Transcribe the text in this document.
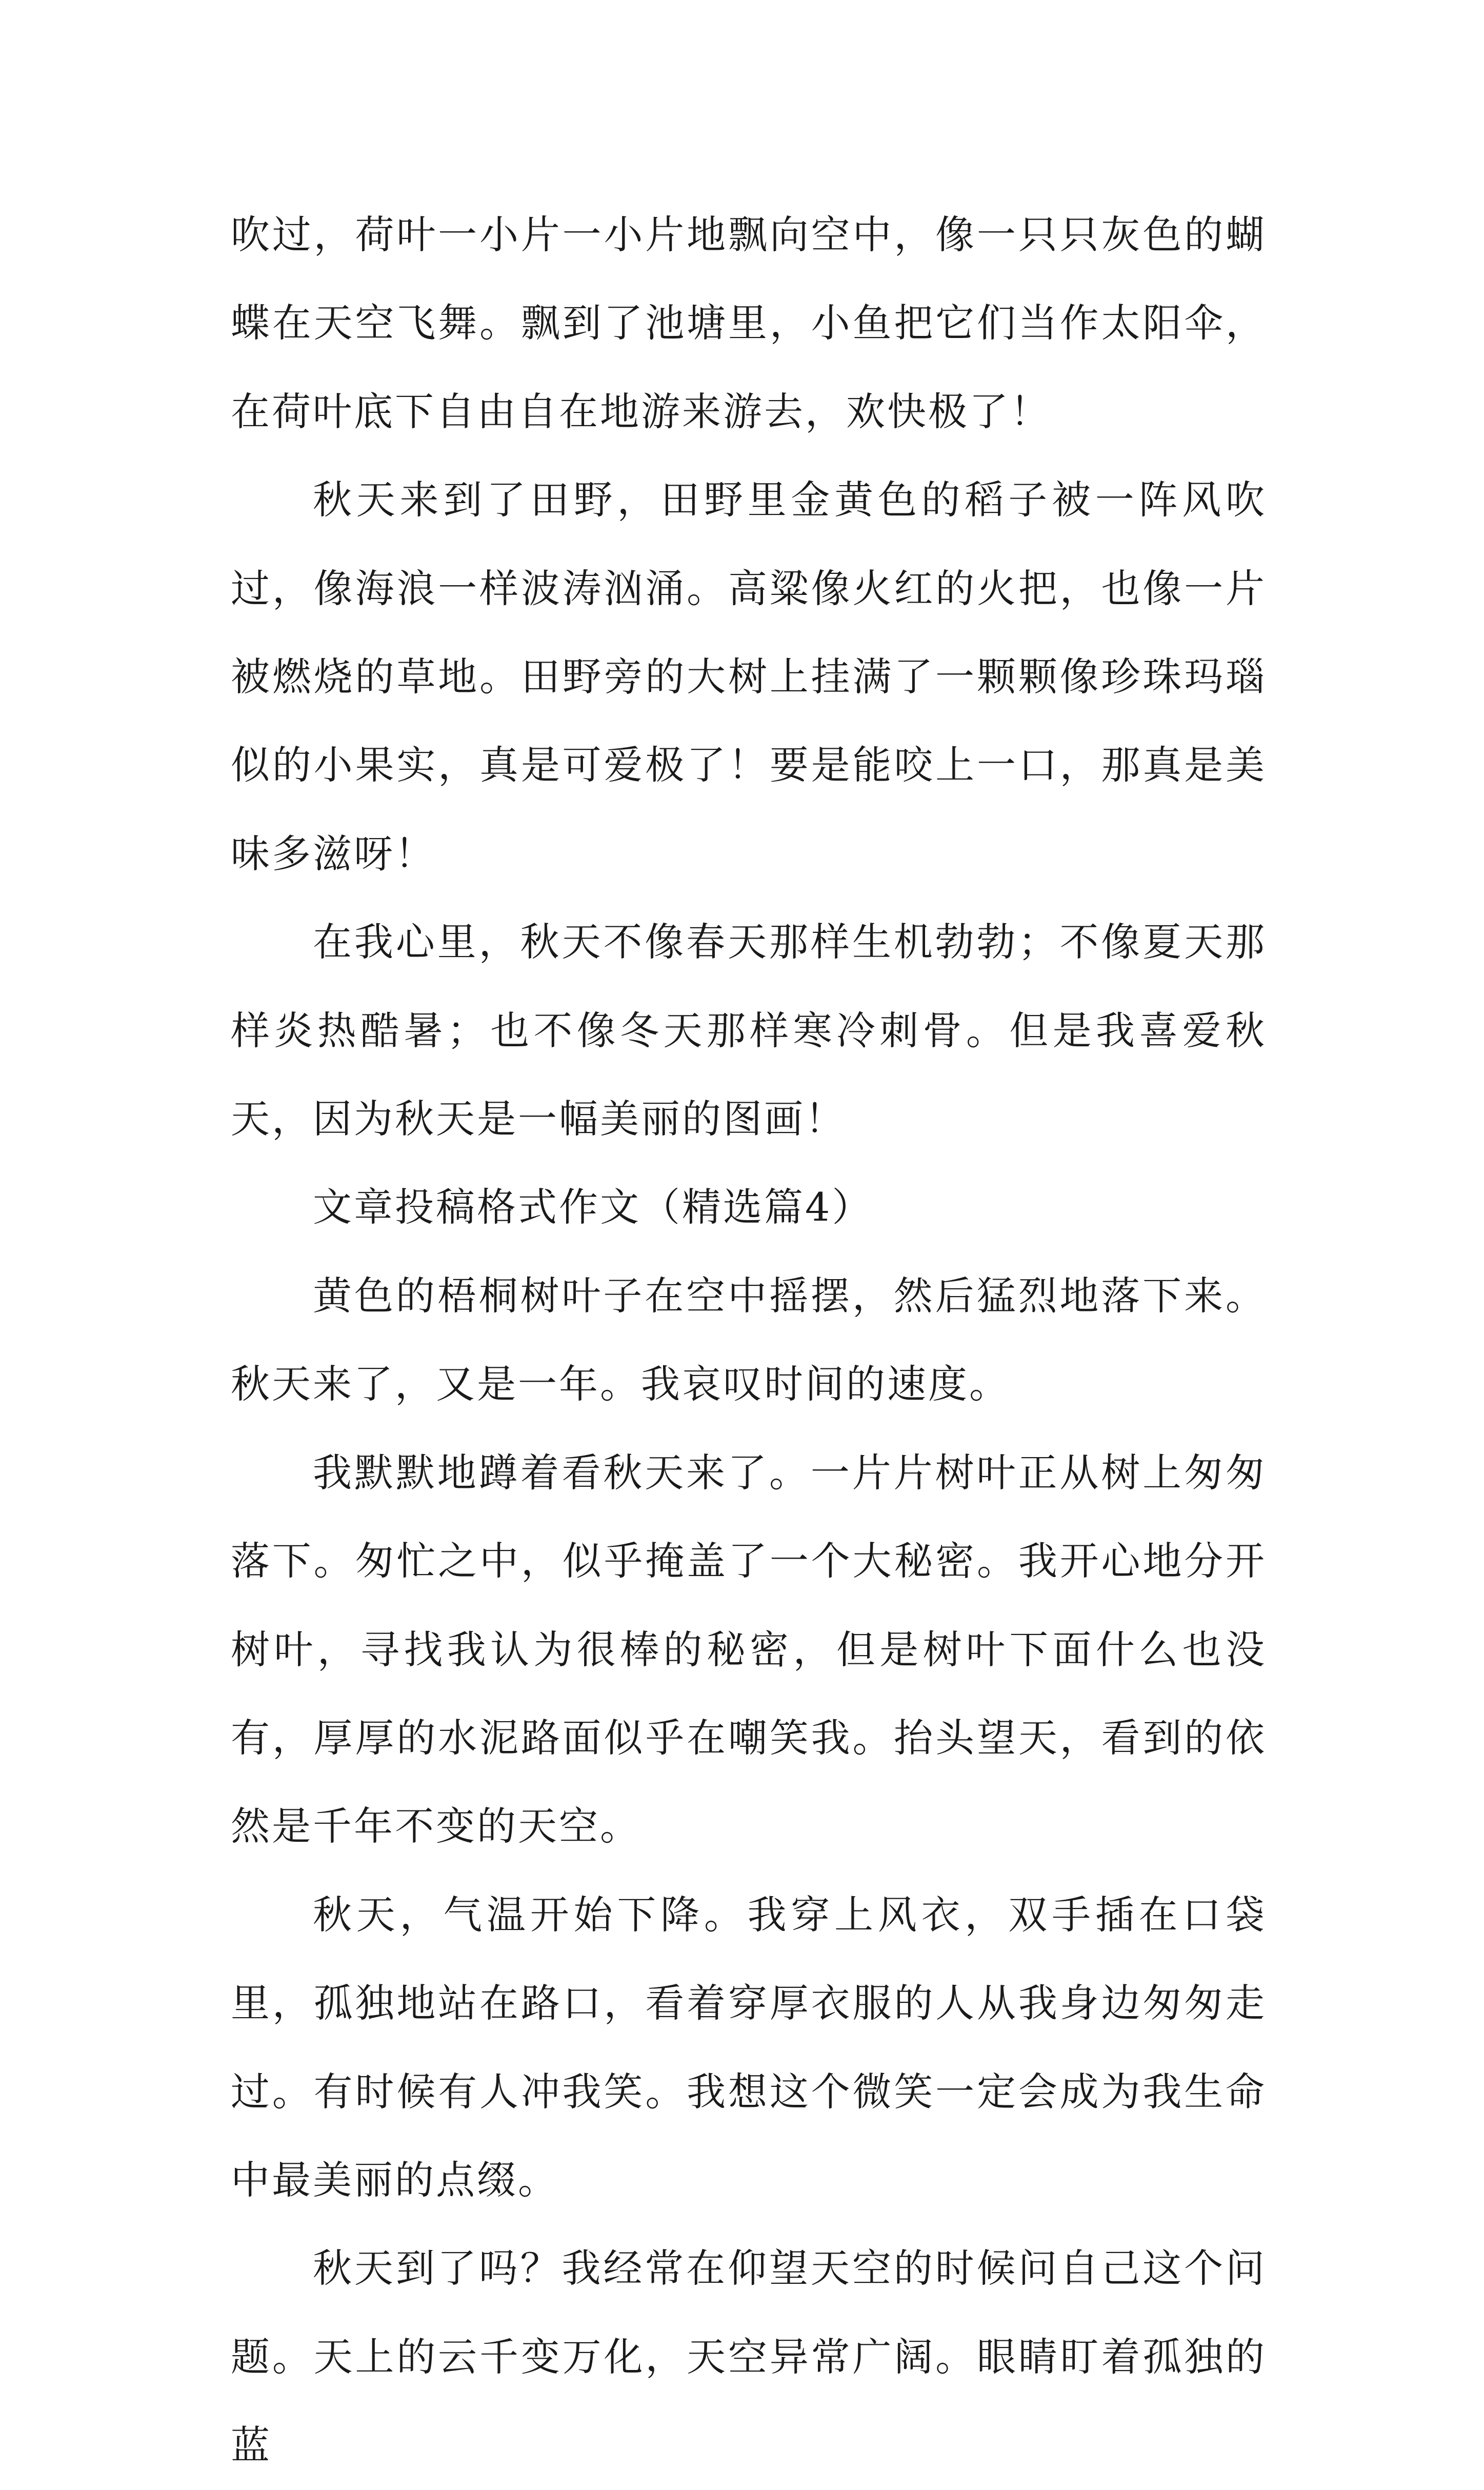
吹过，荷叶一小片一小片地飘向空中，像一只只灰色的蝴蝶在天空飞舞。飘到了池塘里，小鱼把它们当作太阳伞，在荷叶底下自由自在地游来游去，欢快极了！

秋天来到了田野，田野里金黄色的稻子被一阵风吹过，像海浪一样波涛汹涌。高粱像火红的火把，也像一片被燃烧的草地。田野旁的大树上挂满了一颗颗像珍珠玛瑙似的小果实，真是可爱极了！要是能咬上一口，那真是美味多滋呀！

在我心里，秋天不像春天那样生机勃勃；不像夏天那样炎热酷暑；也不像冬天那样寒冷刺骨。但是我喜爱秋天，因为秋天是一幅美丽的图画！

文章投稿格式作文（精选篇4）

黄色的梧桐树叶子在空中摇摆，然后猛烈地落下来。秋天来了，又是一年。我哀叹时间的速度。

我默默地蹲着看秋天来了。一片片树叶正从树上匆匆落下。匆忙之中，似乎掩盖了一个大秘密。我开心地分开树叶，寻找我认为很棒的秘密，但是树叶下面什么也没有，厚厚的水泥路面似乎在嘲笑我。抬头望天，看到的依然是千年不变的天空。

秋天，气温开始下降。我穿上风衣，双手插在口袋里，孤独地站在路口，看着穿厚衣服的人从我身边匆匆走过。有时候有人冲我笑。我想这个微笑一定会成为我生命中最美丽的点缀。

秋天到了吗？我经常在仰望天空的时候问自己这个问题。天上的云千变万化，天空异常广阔。眼睛盯着孤独的蓝
